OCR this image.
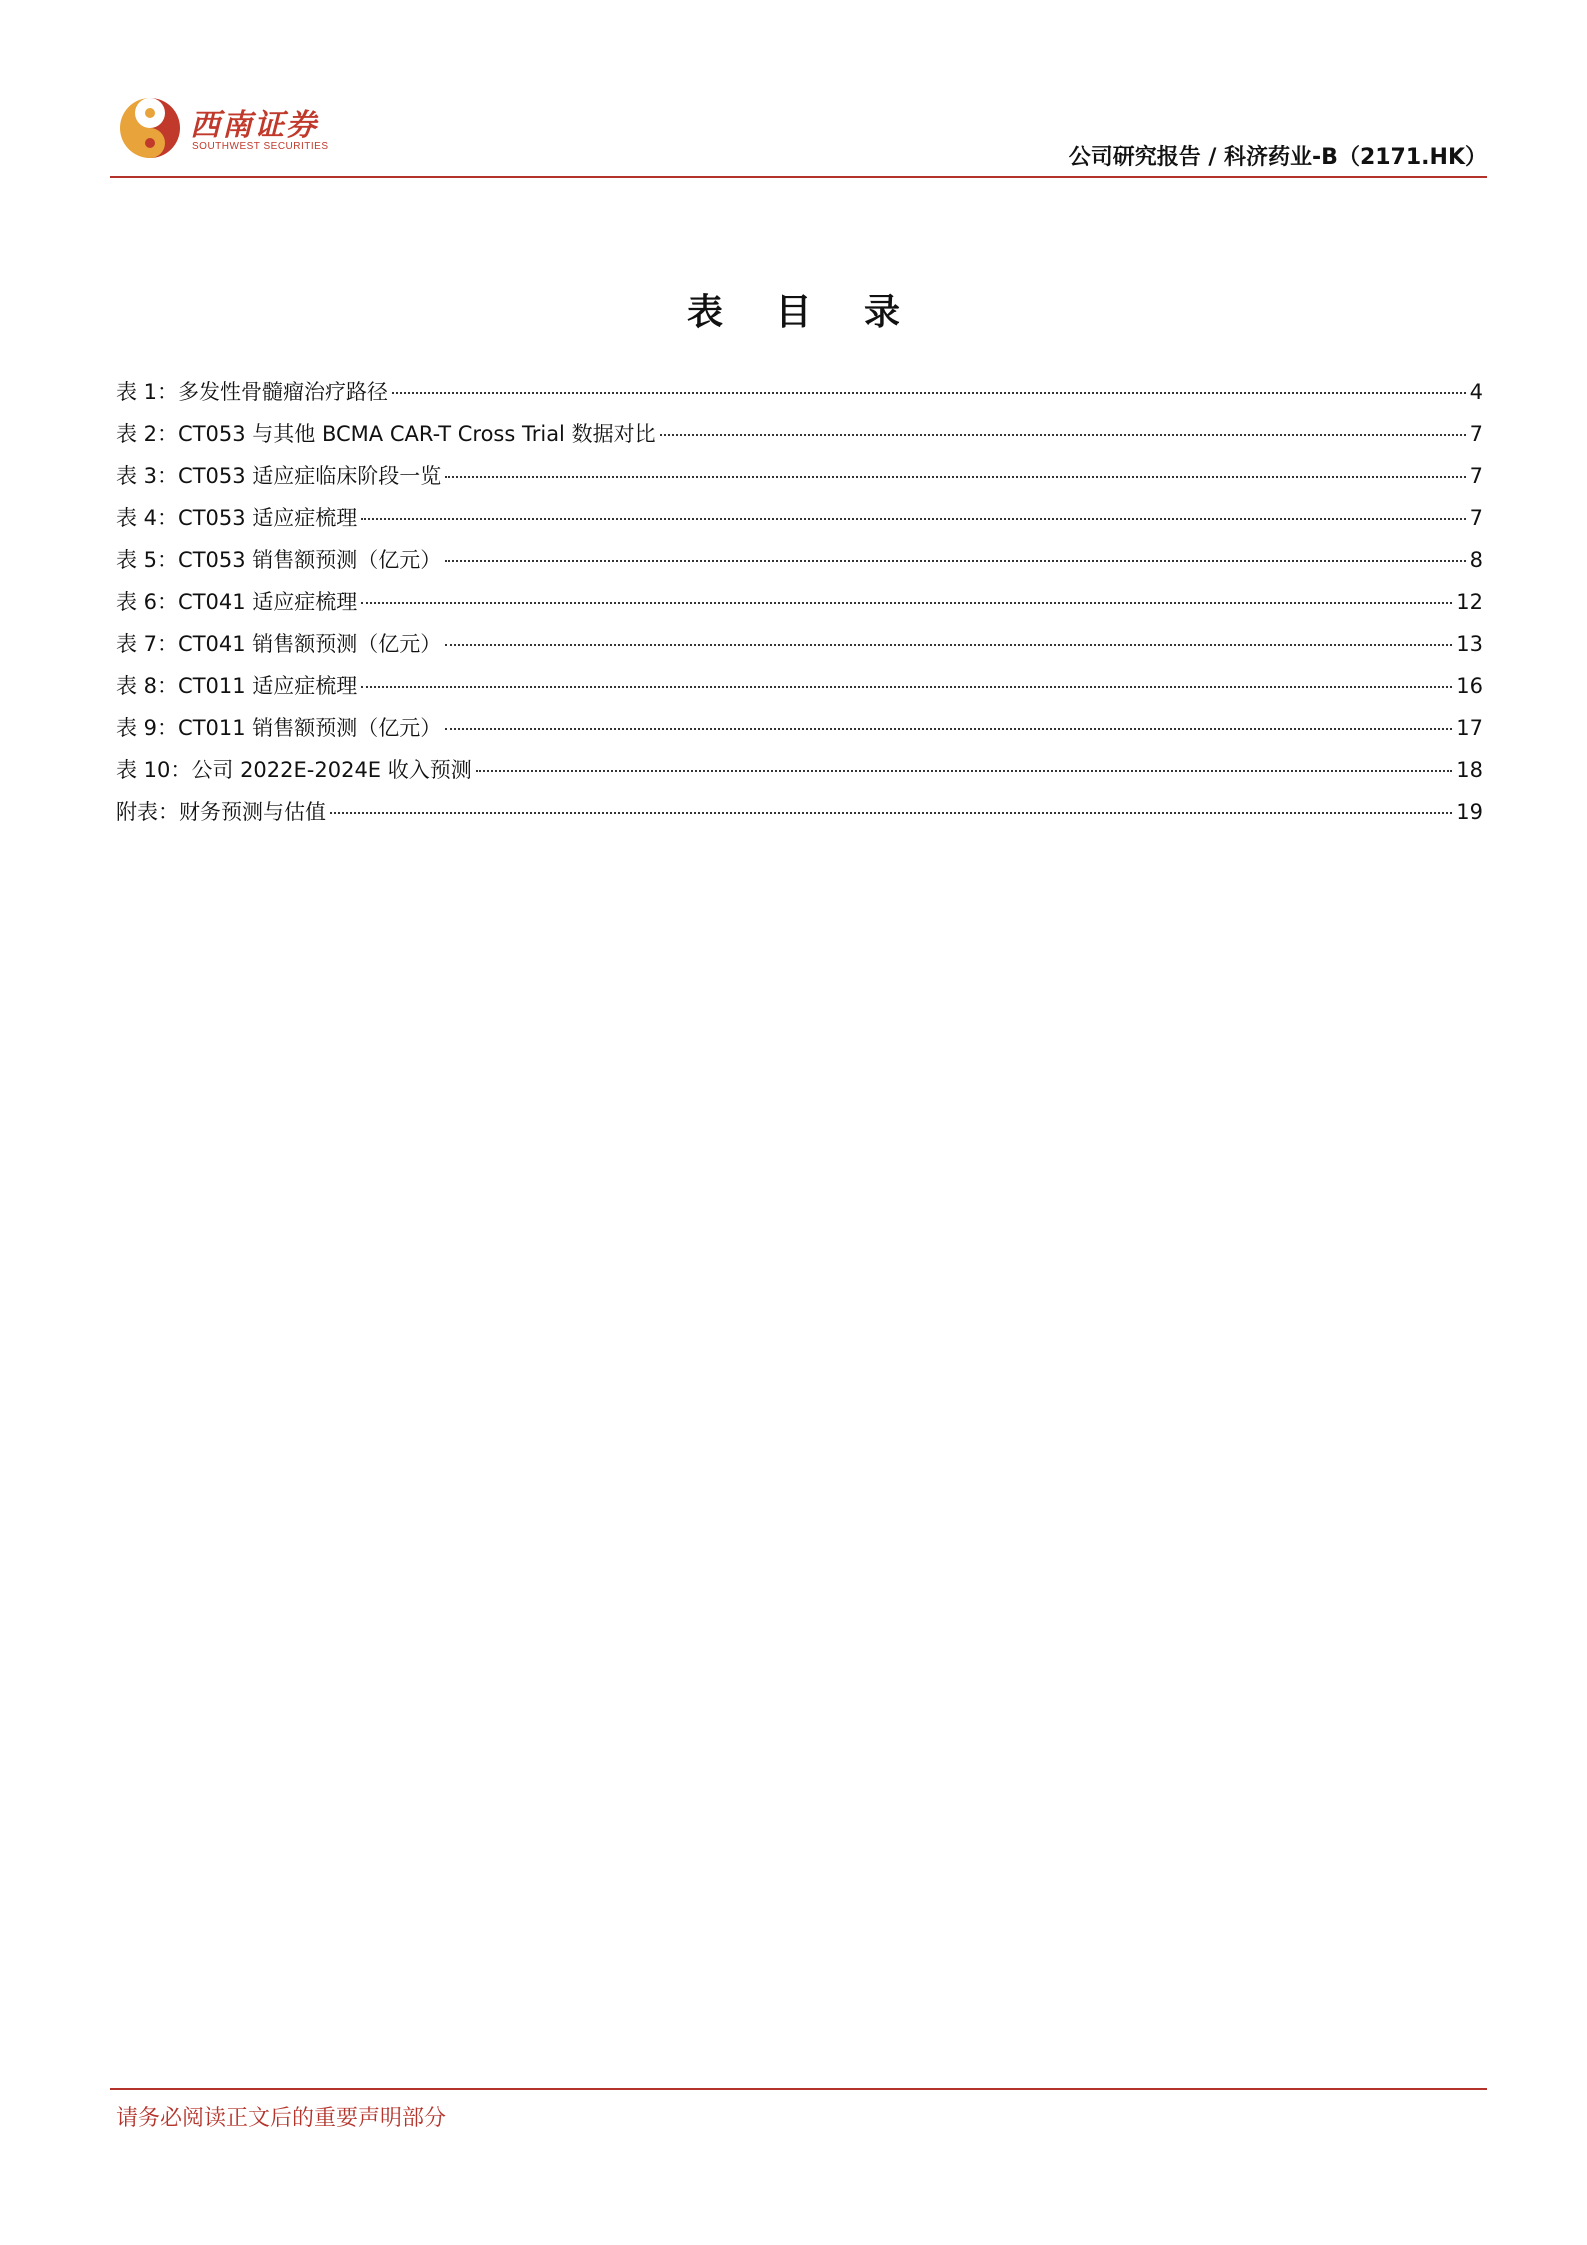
西南证券
SOUTHWEST SECURITIES	公司研究报告 / 科济药业-B（2171.HK）
表 目 录
表 1：多发性骨髓瘤治疗路径	4
表 2：CT053 与其他 BCMA CAR-T Cross Trial 数据对比	7
表 3：CT053 适应症临床阶段一览	7
表 4：CT053 适应症梳理	7
表 5：CT053 销售额预测（亿元）	8
表 6：CT041 适应症梳理	12
表 7：CT041 销售额预测（亿元）	13
表 8：CT011 适应症梳理	16
表 9：CT011 销售额预测（亿元）	17
表 10：公司 2022E-2024E 收入预测	18
附表：财务预测与估值	19
请务必阅读正文后的重要声明部分
